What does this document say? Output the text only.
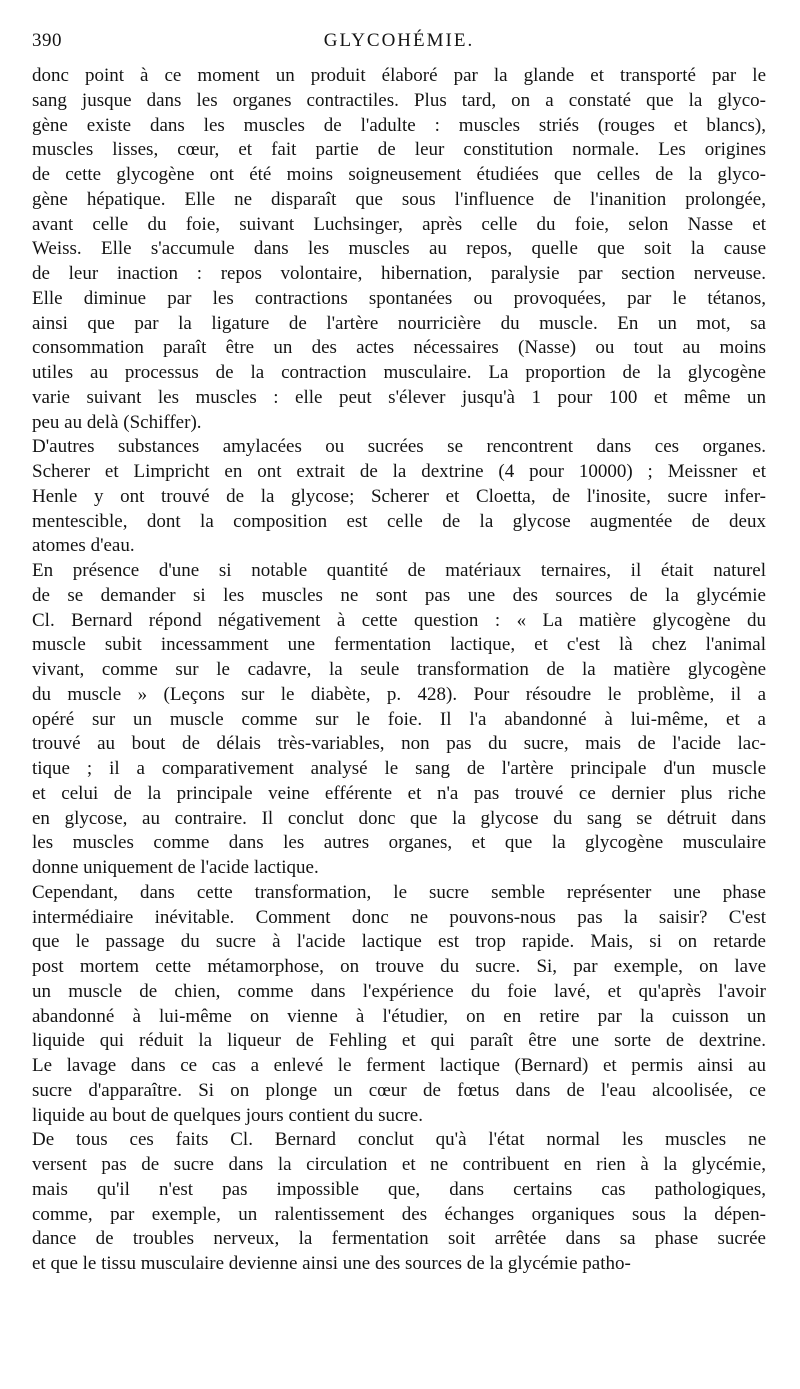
390	GLYCOHÉMIE.
donc point à ce moment un produit élaboré par la glande et transporté par le
sang jusque dans les organes contractiles. Plus tard, on a constaté que la glyco-
gène existe dans les muscles de l'adulte : muscles striés (rouges et blancs),
muscles lisses, cœur, et fait partie de leur constitution normale. Les origines
de cette glycogène ont été moins soigneusement étudiées que celles de la glyco-
gène hépatique. Elle ne disparaît que sous l'influence de l'inanition prolongée,
avant celle du foie, suivant Luchsinger, après celle du foie, selon Nasse et
Weiss. Elle s'accumule dans les muscles au repos, quelle que soit la cause
de leur inaction : repos volontaire, hibernation, paralysie par section nerveuse.
Elle diminue par les contractions spontanées ou provoquées, par le tétanos,
ainsi que par la ligature de l'artère nourricière du muscle. En un mot, sa
consommation paraît être un des actes nécessaires (Nasse) ou tout au moins
utiles au processus de la contraction musculaire. La proportion de la glycogène
varie suivant les muscles : elle peut s'élever jusqu'à 1 pour 100 et même un
peu au delà (Schiffer).
D'autres substances amylacées ou sucrées se rencontrent dans ces organes.
Scherer et Limpricht en ont extrait de la dextrine (4 pour 10000) ; Meissner et
Henle y ont trouvé de la glycose; Scherer et Cloetta, de l'inosite, sucre infer-
mentescible, dont la composition est celle de la glycose augmentée de deux
atomes d'eau.
En présence d'une si notable quantité de matériaux ternaires, il était naturel
de se demander si les muscles ne sont pas une des sources de la glycémie
Cl. Bernard répond négativement à cette question : « La matière glycogène du
muscle subit incessamment une fermentation lactique, et c'est là chez l'animal
vivant, comme sur le cadavre, la seule transformation de la matière glycogène
du muscle » (Leçons sur le diabète, p. 428). Pour résoudre le problème, il a
opéré sur un muscle comme sur le foie. Il l'a abandonné à lui-même, et a
trouvé au bout de délais très-variables, non pas du sucre, mais de l'acide lac-
tique ; il a comparativement analysé le sang de l'artère principale d'un muscle
et celui de la principale veine efférente et n'a pas trouvé ce dernier plus riche
en glycose, au contraire. Il conclut donc que la glycose du sang se détruit dans
les muscles comme dans les autres organes, et que la glycogène musculaire
donne uniquement de l'acide lactique.
Cependant, dans cette transformation, le sucre semble représenter une phase
intermédiaire inévitable. Comment donc ne pouvons-nous pas la saisir? C'est
que le passage du sucre à l'acide lactique est trop rapide. Mais, si on retarde
post mortem cette métamorphose, on trouve du sucre. Si, par exemple, on lave
un muscle de chien, comme dans l'expérience du foie lavé, et qu'après l'avoir
abandonné à lui-même on vienne à l'étudier, on en retire par la cuisson un
liquide qui réduit la liqueur de Fehling et qui paraît être une sorte de dextrine.
Le lavage dans ce cas a enlevé le ferment lactique (Bernard) et permis ainsi au
sucre d'apparaître. Si on plonge un cœur de fœtus dans de l'eau alcoolisée, ce
liquide au bout de quelques jours contient du sucre.
De tous ces faits Cl. Bernard conclut qu'à l'état normal les muscles ne
versent pas de sucre dans la circulation et ne contribuent en rien à la glycémie,
mais qu'il n'est pas impossible que, dans certains cas pathologiques,
comme, par exemple, un ralentissement des échanges organiques sous la dépen-
dance de troubles nerveux, la fermentation soit arrêtée dans sa phase sucrée
et que le tissu musculaire devienne ainsi une des sources de la glycémie patho-
